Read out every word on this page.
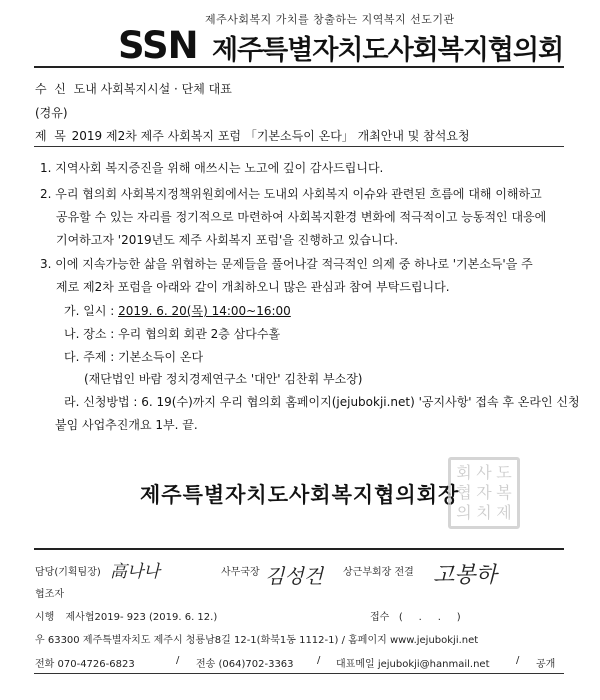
제주사회복지 가치를 창출하는 지역복지 선도기관
SSN 제주특별자치도사회복지협의회
수  신 도내 사회복지시설 · 단체 대표
(경유)
제  목 2019 제2차 제주 사회복지 포럼 「기본소득이 온다」 개최안내 및 참석요청
1. 지역사회 복지증진을 위해 애쓰시는 노고에 깊이 감사드립니다.
2. 우리 협의회 사회복지정책위원회에서는 도내외 사회복지 이슈와 관련된 흐름에 대해 이해하고
공유할 수 있는 자리를 정기적으로 마련하여 사회복지환경 변화에 적극적이고 능동적인 대응에
기여하고자 '2019년도 제주 사회복지 포럼'을 진행하고 있습니다.
3. 이에 지속가능한 삶을 위협하는 문제들을 풀어나갈 적극적인 의제 중 하나로 '기본소득'을 주
제로 제2차 포럼을 아래와 같이 개최하오니 많은 관심과 참여 부탁드립니다.
가. 일시 : 2019. 6. 20(목) 14:00~16:00
나. 장소 : 우리 협의회 회관 2층 삼다수홀
다. 주제 : 기본소득이 온다
(재단법인 바람 정치경제연구소 '대안' 김찬휘 부소장)
라. 신청방법 : 6. 19(수)까지 우리 협의회 홈페이지(jejubokji.net) '공지사항' 접속 후 온라인 신청
붙임 사업추진개요 1부. 끝.
제주특별자치도사회복지협의회장
회 사 도
협 자 복
의 치 제
담당(기획팀장) 高나나	사무국장 김성건 상근부회장 전결 고봉하
협조자
시행 제사협2019- 923 (2019. 6. 12.)	접수   (     .     .     )
우 63300 제주특별자치도 제주시 청룡남8길 12-1(화북1동 1112-1) / 홈페이지 www.jejubokji.net
전화 070-4726-6823	/ 전송 (064)702-3363 / 대표메일 jejubokji@hanmail.net	/ 공개
